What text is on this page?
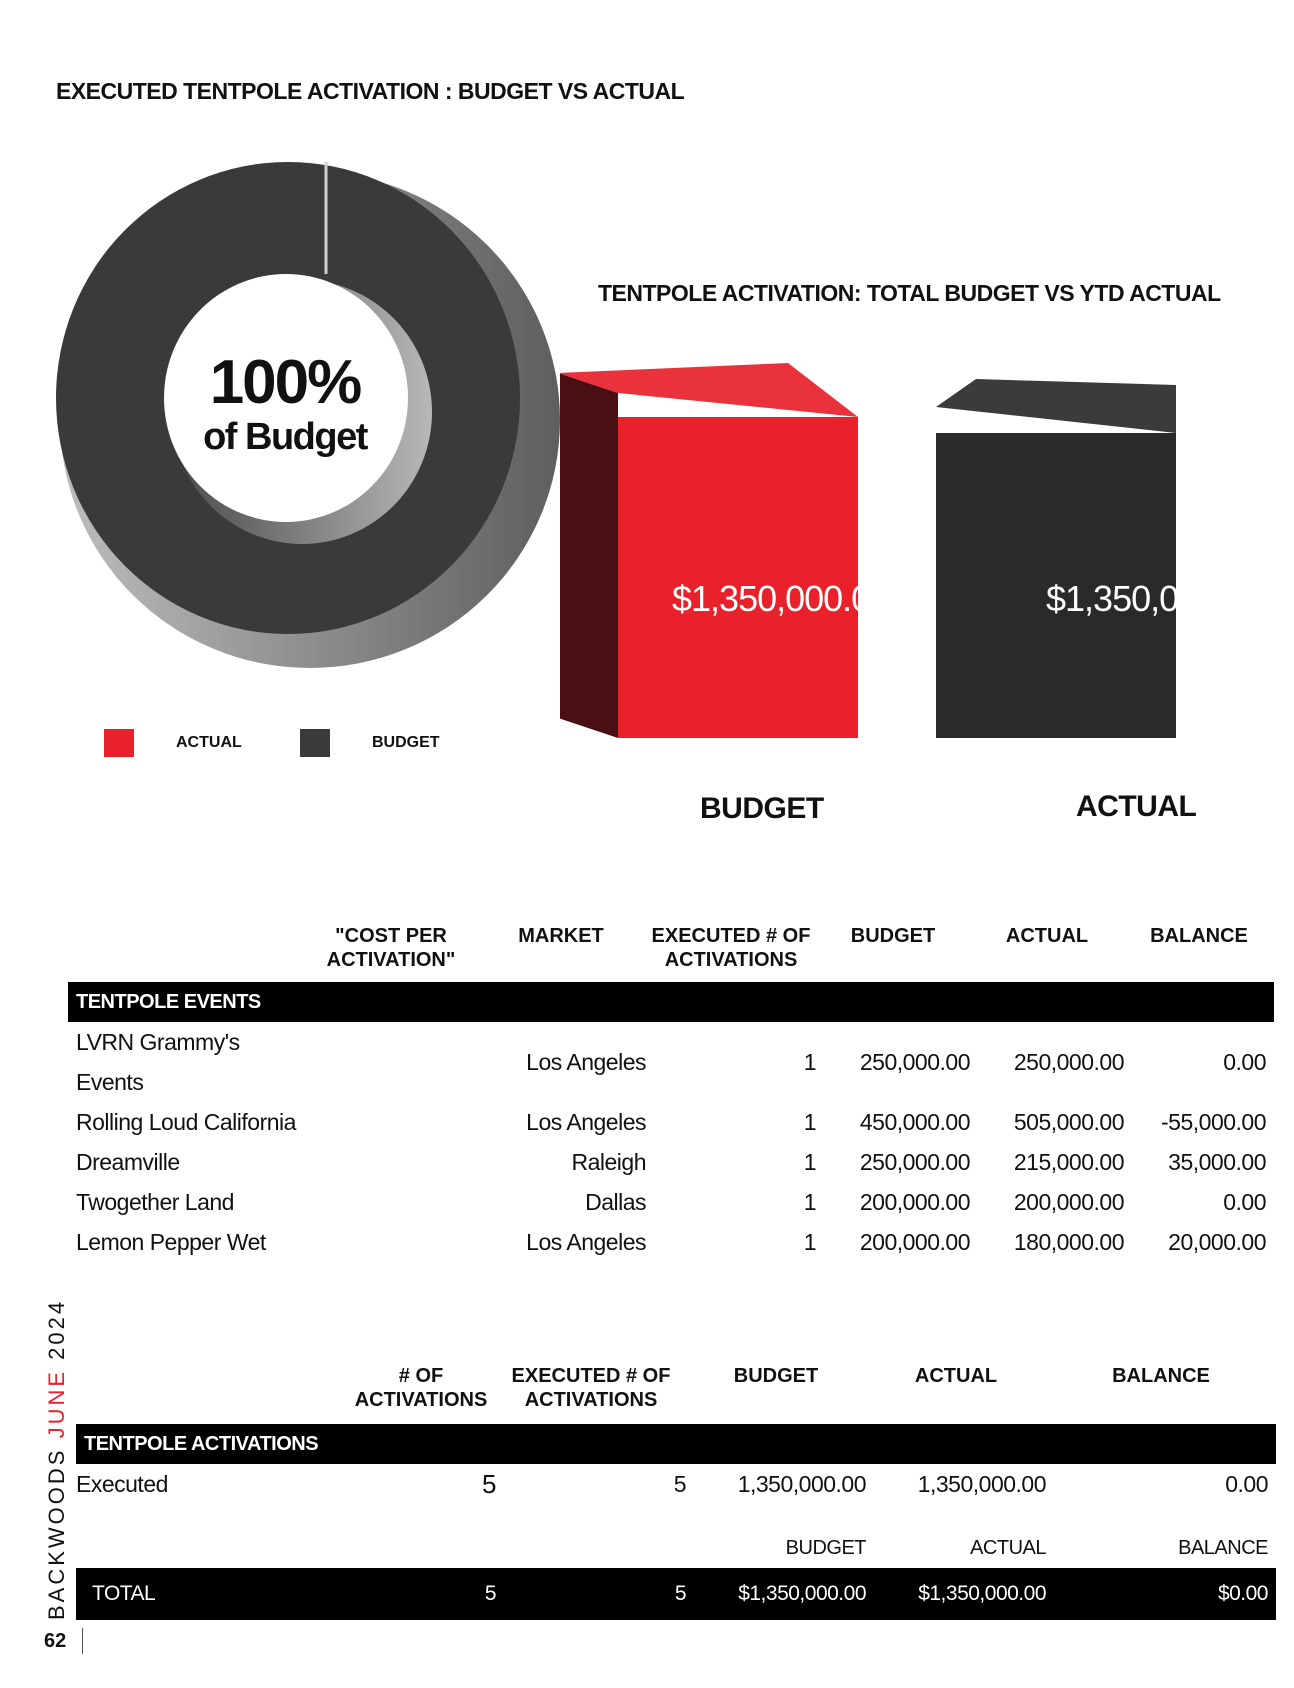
EXECUTED TENTPOLE ACTIVATION : BUDGET VS ACTUAL
100%
of Budget
ACTUAL	BUDGET
TENTPOLE ACTIVATION: TOTAL BUDGET VS YTD ACTUAL
$1,350,000.00	$1,350,000.00
BUDGET	ACTUAL
	"COST PER ACTIVATION"	MARKET	EXECUTED # OF ACTIVATIONS	BUDGET	ACTUAL	BALANCE

TENTPOLE EVENTS						
LVRN Grammy's Events		Los Angeles	1	250,000.00	250,000.00	0.00
Rolling Loud California		Los Angeles	1	450,000.00	505,000.00	-55,000.00
Dreamville		Raleigh	1	250,000.00	215,000.00	35,000.00
Twogether Land		Dallas	1	200,000.00	200,000.00	0.00
Lemon Pepper Wet		Los Angeles	1	200,000.00	180,000.00	20,000.00
	# OF ACTIVATIONS	EXECUTED # OF ACTIVATIONS	BUDGET	ACTUAL	BALANCE

TENTPOLE ACTIVATIONS					
Executed	5	5	1,350,000.00	1,350,000.00	0.00

			BUDGET	ACTUAL	BALANCE
TOTAL	5	5	$1,350,000.00	$1,350,000.00	$0.00
BACKWOODS JUNE 2024
62
